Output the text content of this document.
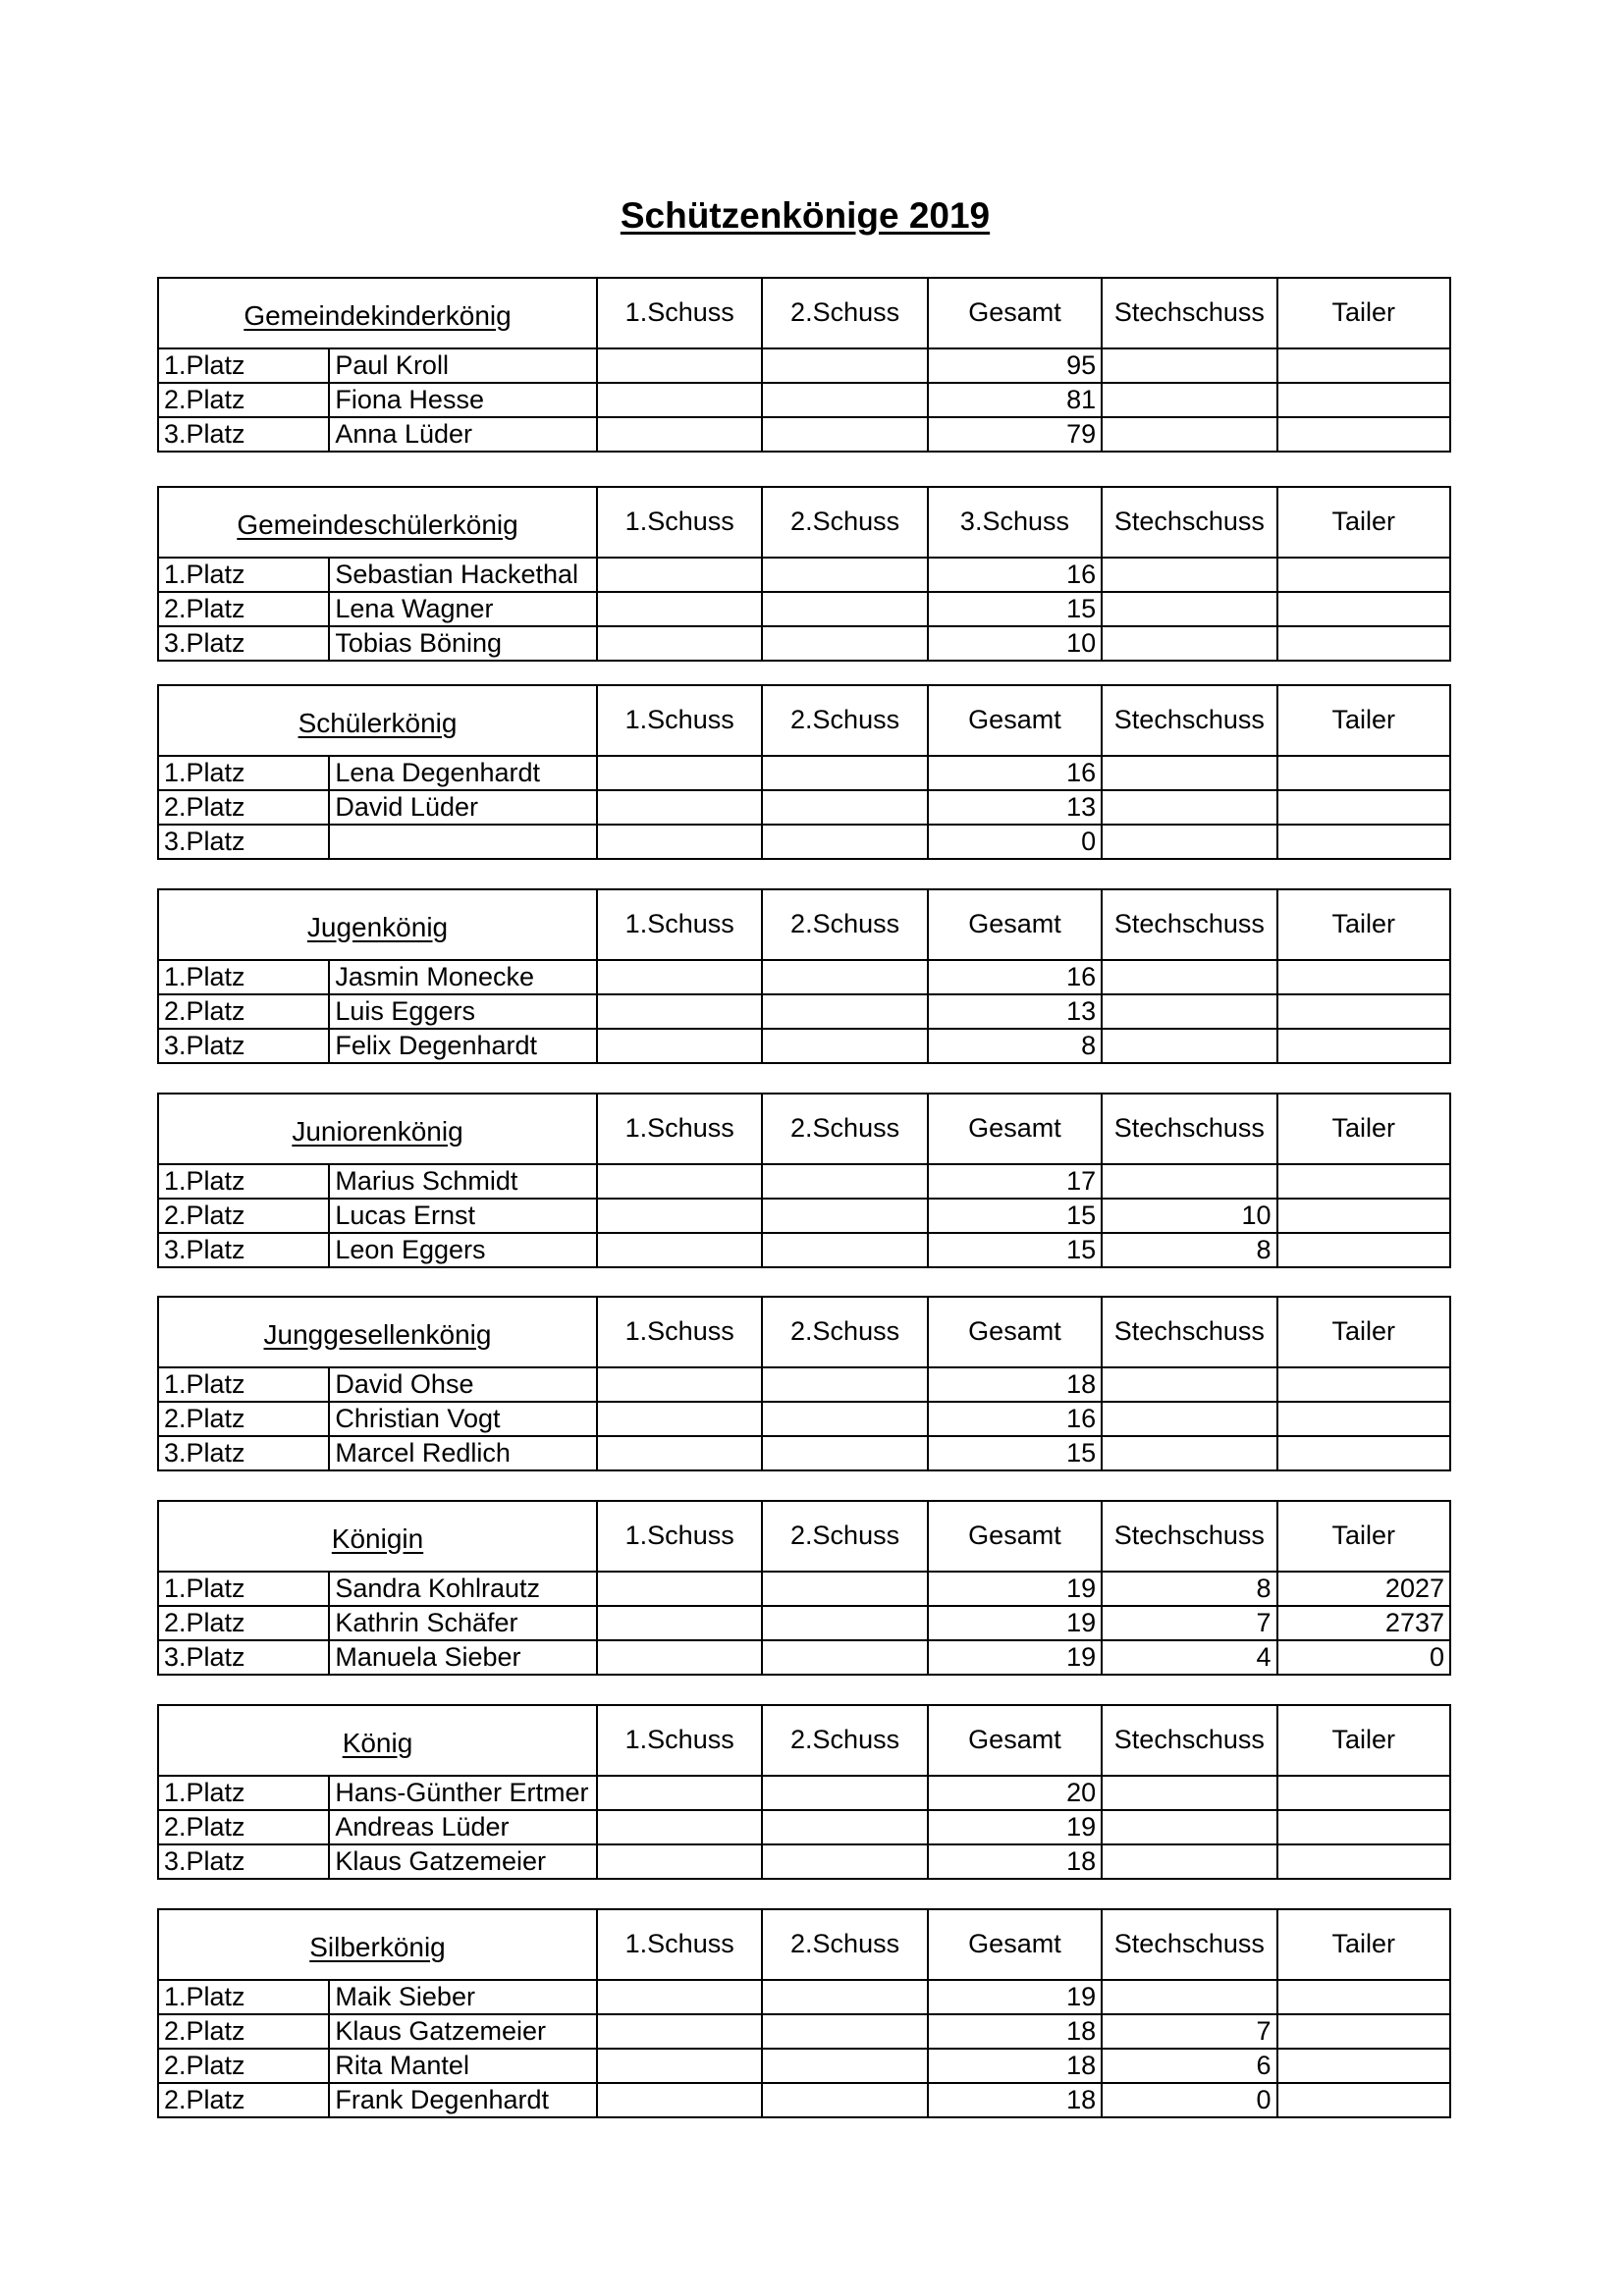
Schützenkönige 2019
Gemeindekinderkönig		1.Schuss	2.Schuss	Gesamt	Stechschuss	Tailer
1.Platz	Paul Kroll			95		
2.Platz	Fiona Hesse			81		
3.Platz	Anna Lüder			79		
Gemeindeschülerkönig		1.Schuss	2.Schuss	3.Schuss	Stechschuss	Tailer
1.Platz	Sebastian Hackethal			16		
2.Platz	Lena Wagner			15		
3.Platz	Tobias Böning			10		
Schülerkönig		1.Schuss	2.Schuss	Gesamt	Stechschuss	Tailer
1.Platz	Lena Degenhardt			16		
2.Platz	David Lüder			13		
3.Platz				0		
Jugenkönig		1.Schuss	2.Schuss	Gesamt	Stechschuss	Tailer
1.Platz	Jasmin Monecke			16		
2.Platz	Luis Eggers			13		
3.Platz	Felix Degenhardt			8		
Juniorenkönig		1.Schuss	2.Schuss	Gesamt	Stechschuss	Tailer
1.Platz	Marius Schmidt			17		
2.Platz	Lucas Ernst			15	10	
3.Platz	Leon Eggers			15	8	
Junggesellenkönig		1.Schuss	2.Schuss	Gesamt	Stechschuss	Tailer
1.Platz	David Ohse			18		
2.Platz	Christian Vogt			16		
3.Platz	Marcel Redlich			15		
Königin		1.Schuss	2.Schuss	Gesamt	Stechschuss	Tailer
1.Platz	Sandra Kohlrautz			19	8	2027
2.Platz	Kathrin Schäfer			19	7	2737
3.Platz	Manuela Sieber			19	4	0
König		1.Schuss	2.Schuss	Gesamt	Stechschuss	Tailer
1.Platz	Hans-Günther Ertmer			20		
2.Platz	Andreas Lüder			19		
3.Platz	Klaus Gatzemeier			18		
Silberkönig		1.Schuss	2.Schuss	Gesamt	Stechschuss	Tailer
1.Platz	Maik Sieber			19		
2.Platz	Klaus Gatzemeier			18	7	
2.Platz	Rita Mantel			18	6	
2.Platz	Frank Degenhardt			18	0	
